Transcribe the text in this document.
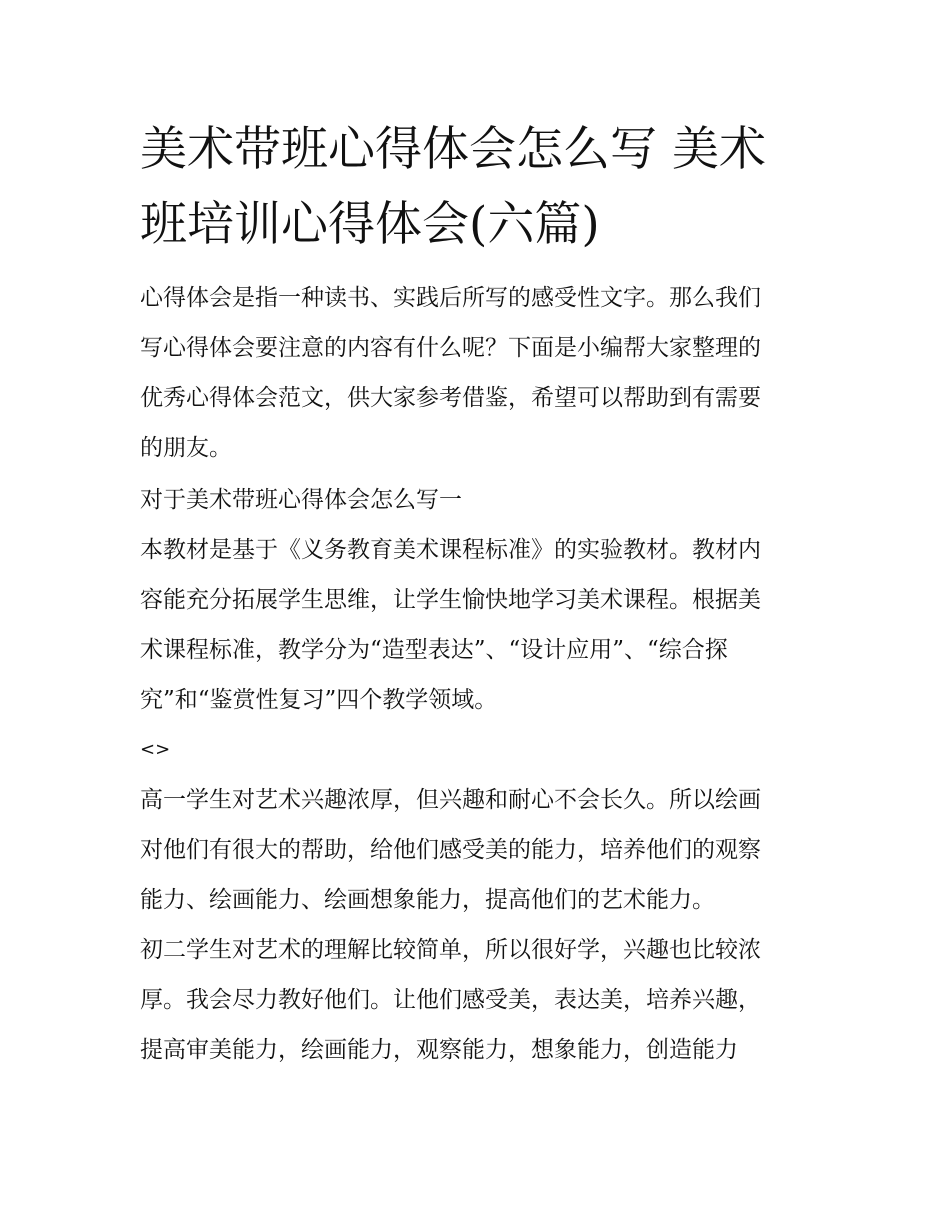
美术带班心得体会怎么写 美术
班培训心得体会(六篇)
心得体会是指一种读书、实践后所写的感受性文字。那么我们
写心得体会要注意的内容有什么呢？下面是小编帮大家整理的
优秀心得体会范文，供大家参考借鉴，希望可以帮助到有需要
的朋友。
对于美术带班心得体会怎么写一
本教材是基于《义务教育美术课程标准》的实验教材。教材内
容能充分拓展学生思维，让学生愉快地学习美术课程。根据美
术课程标准，教学分为“造型表达”、“设计应用”、“综合探
究”和“鉴赏性复习”四个教学领域。
<>
高一学生对艺术兴趣浓厚，但兴趣和耐心不会长久。所以绘画
对他们有很大的帮助，给他们感受美的能力，培养他们的观察
能力、绘画能力、绘画想象能力，提高他们的艺术能力。
初二学生对艺术的理解比较简单，所以很好学，兴趣也比较浓
厚。我会尽力教好他们。让他们感受美，表达美，培养兴趣，
提高审美能力，绘画能力，观察能力，想象能力，创造能力
